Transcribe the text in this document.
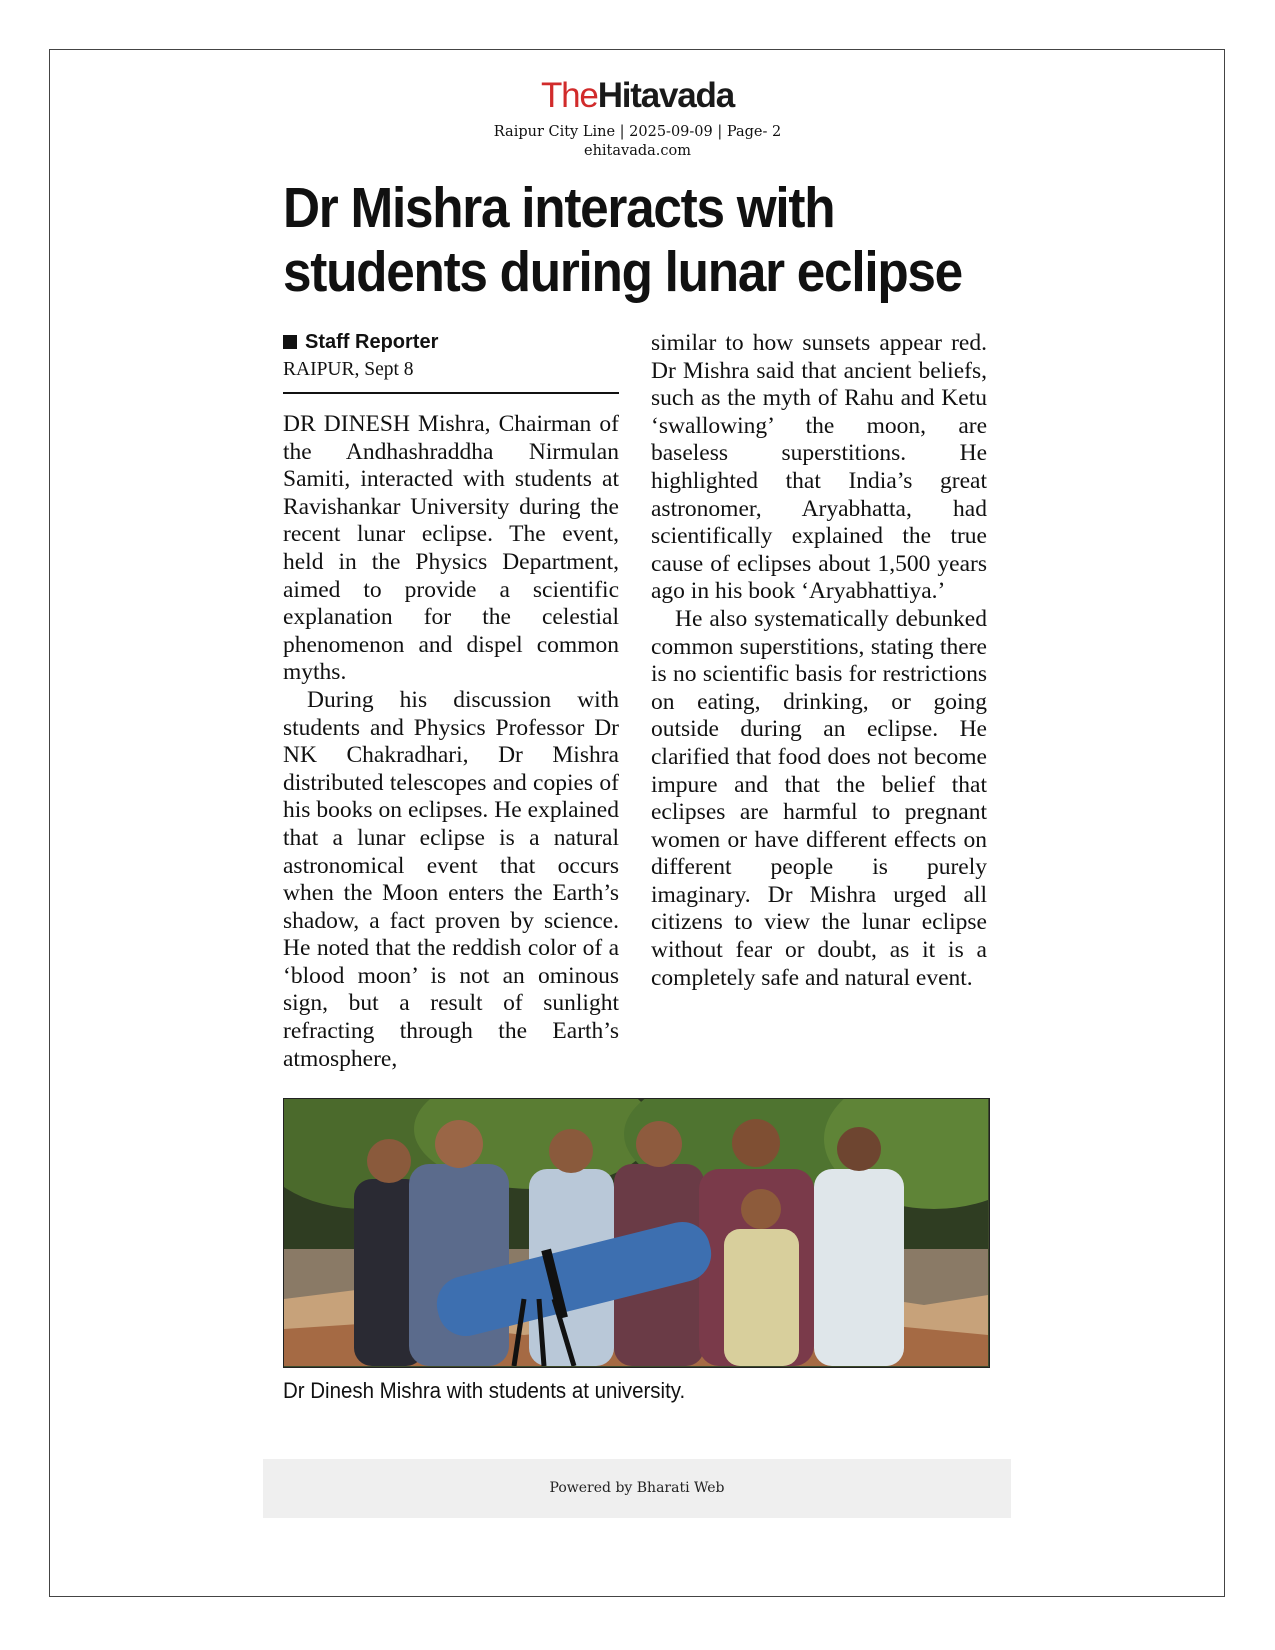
TheHitavada
Raipur City Line | 2025-09-09 | Page- 2
ehitavada.com
Dr Mishra interacts with
students during lunar eclipse
Staff Reporter
RAIPUR, Sept 8

DR DINESH Mishra, Chairman of the Andhashraddha Nirmulan Samiti, interacted with students at Ravishankar University during the recent lunar eclipse. The event, held in the Physics Department, aimed to provide a scientific explanation for the celestial phenomenon and dispel common myths.

During his discussion with students and Physics Professor Dr NK Chakradhari, Dr Mishra distributed telescopes and copies of his books on eclipses. He explained that a lunar eclipse is a natural astronomical event that occurs when the Moon enters the Earth’s shadow, a fact proven by science. He noted that the reddish color of a ‘blood moon’ is not an ominous sign, but a result of sunlight refracting through the Earth’s atmosphere,

similar to how sunsets appear red. Dr Mishra said that ancient beliefs, such as the myth of Rahu and Ketu ‘swallowing’ the moon, are baseless superstitions. He highlighted that India’s great astronomer, Aryabhatta, had scientifically explained the true cause of eclipses about 1,500 years ago in his book ‘Aryabhattiya.’

He also systematically debunked common superstitions, stating there is no scientific basis for restrictions on eating, drinking, or going outside during an eclipse. He clarified that food does not become impure and that the belief that eclipses are harmful to pregnant women or have different effects on different people is purely imaginary. Dr Mishra urged all citizens to view the lunar eclipse without fear or doubt, as it is a completely safe and natural event.

Dr Dinesh Mishra with students at university.
Powered by Bharati Web
